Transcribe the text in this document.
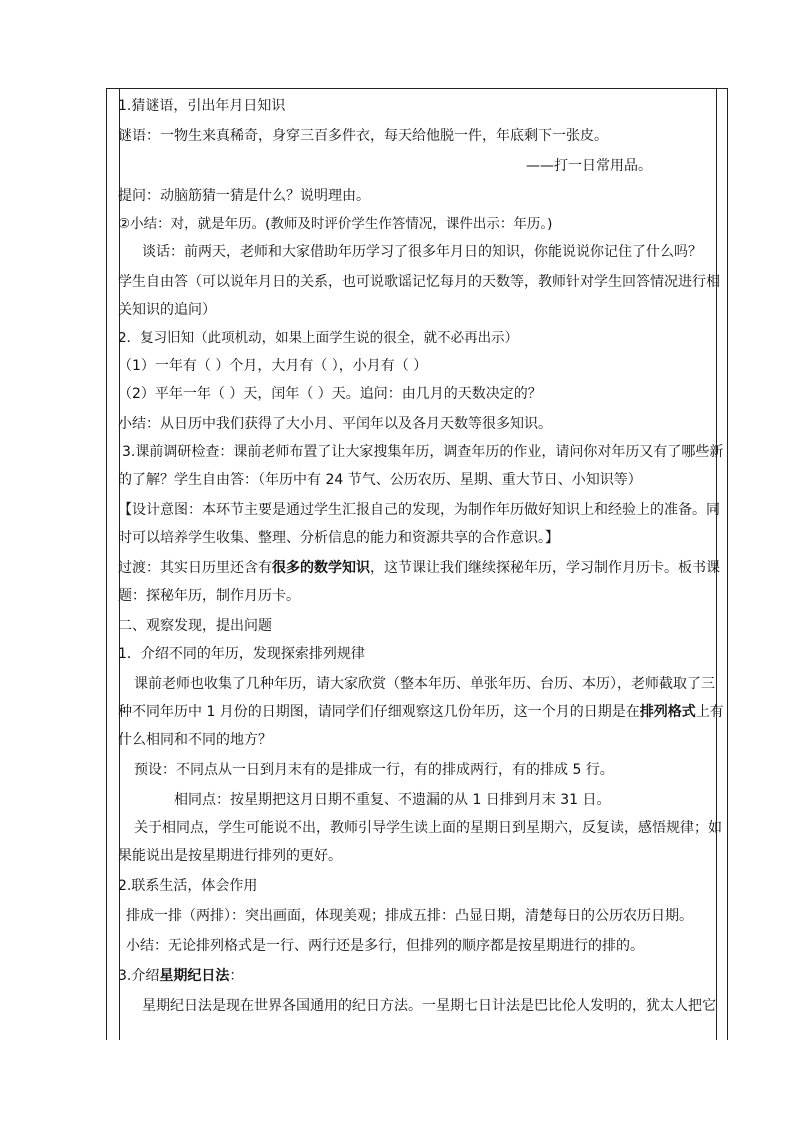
1.猜谜语，引出年月日知识
谜语：一物生来真稀奇，身穿三百多件衣，每天给他脱一件，年底剩下一张皮。
——打一日常用品。
提问：动脑筋猜一猜是什么？说明理由。
②小结：对，就是年历。(教师及时评价学生作答情况，课件出示：年历。)
谈话：前两天，老师和大家借助年历学习了很多年月日的知识，你能说说你记住了什么吗？
学生自由答（可以说年月日的关系，也可说歌谣记忆每月的天数等，教师针对学生回答情况进行相
关知识的追问）
2．复习旧知（此项机动，如果上面学生说的很全，就不必再出示）
（1）一年有（ ）个月，大月有（ ），小月有（ ）
（2）平年一年（ ）天，闰年（ ）天。追问：由几月的天数决定的？
小结：从日历中我们获得了大小月、平闰年以及各月天数等很多知识。
3.课前调研检查：课前老师布置了让大家搜集年历，调查年历的作业，请问你对年历又有了哪些新
的了解？学生自由答：（年历中有 24 节气、公历农历、星期、重大节日、小知识等）
【设计意图：本环节主要是通过学生汇报自己的发现，为制作年历做好知识上和经验上的准备。同
时可以培养学生收集、整理、分析信息的能力和资源共享的合作意识。】
过渡：其实日历里还含有很多的数学知识，这节课让我们继续探秘年历，学习制作月历卡。板书课
题：探秘年历，制作月历卡。
二、观察发现，提出问题
1．介绍不同的年历，发现探索排列规律
课前老师也收集了几种年历，请大家欣赏（整本年历、单张年历、台历、本历），老师截取了三
种不同年历中 1 月份的日期图，请同学们仔细观察这几份年历，这一个月的日期是在排列格式上有
什么相同和不同的地方？
预设：不同点从一日到月末有的是排成一行，有的排成两行，有的排成 5 行。
相同点：按星期把这月日期不重复、不遗漏的从 1 日排到月末 31 日。
关于相同点，学生可能说不出，教师引导学生读上面的星期日到星期六，反复读，感悟规律；如
果能说出是按星期进行排列的更好。
2.联系生活，体会作用
排成一排（两排）：突出画面，体现美观；排成五排：凸显日期，清楚每日的公历农历日期。
小结：无论排列格式是一行、两行还是多行，但排列的顺序都是按星期进行的排的。
3.介绍星期纪日法：
星期纪日法是现在世界各国通用的纪日方法。一星期七日计法是巴比伦人发明的，犹太人把它
